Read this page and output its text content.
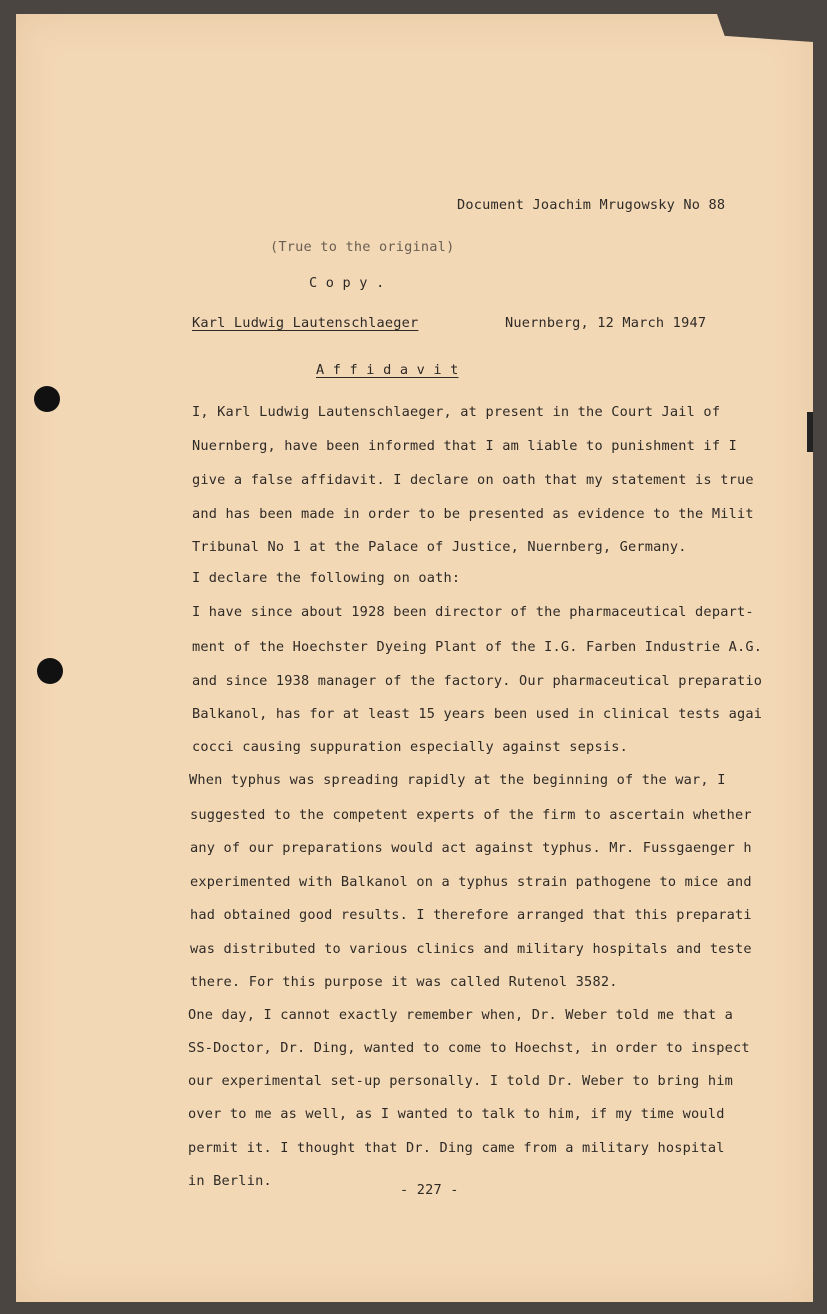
Document Joachim Mrugowsky No 88
(True to the original)
C o p y .
Karl Ludwig Lautenschlaeger	Nuernberg, 12 March 1947
A f f i d a v i t
I, Karl Ludwig Lautenschlaeger, at present in the Court Jail of
Nuernberg, have been informed that I am liable to punishment if I
give a false affidavit. I declare on oath that my statement is true
and has been made in order to be presented as evidence to the Milit
Tribunal No 1 at the Palace of Justice, Nuernberg, Germany.
I declare the following on oath:
I have since about 1928 been director of the pharmaceutical depart-
ment of the Hoechster Dyeing Plant of the I.G. Farben Industrie A.G.
and since 1938 manager of the factory. Our pharmaceutical preparatio
Balkanol, has for at least 15 years been used in clinical tests agai
cocci causing suppuration especially against sepsis.
When typhus was spreading rapidly at the beginning of the war, I
suggested to the competent experts of the firm to ascertain whether
any of our preparations would act against typhus. Mr. Fussgaenger h
experimented with Balkanol on a typhus strain pathogene to mice and
had obtained good results. I therefore arranged that this preparati
was distributed to various clinics and military hospitals and teste
there. For this purpose it was called Rutenol 3582.
One day, I cannot exactly remember when, Dr. Weber told me that a
SS-Doctor, Dr. Ding, wanted to come to Hoechst, in order to inspect
our experimental set-up personally. I told Dr. Weber to bring him
over to me as well, as I wanted to talk to him, if my time would
permit it. I thought that Dr. Ding came from a military hospital
in Berlin.
- 227 -
